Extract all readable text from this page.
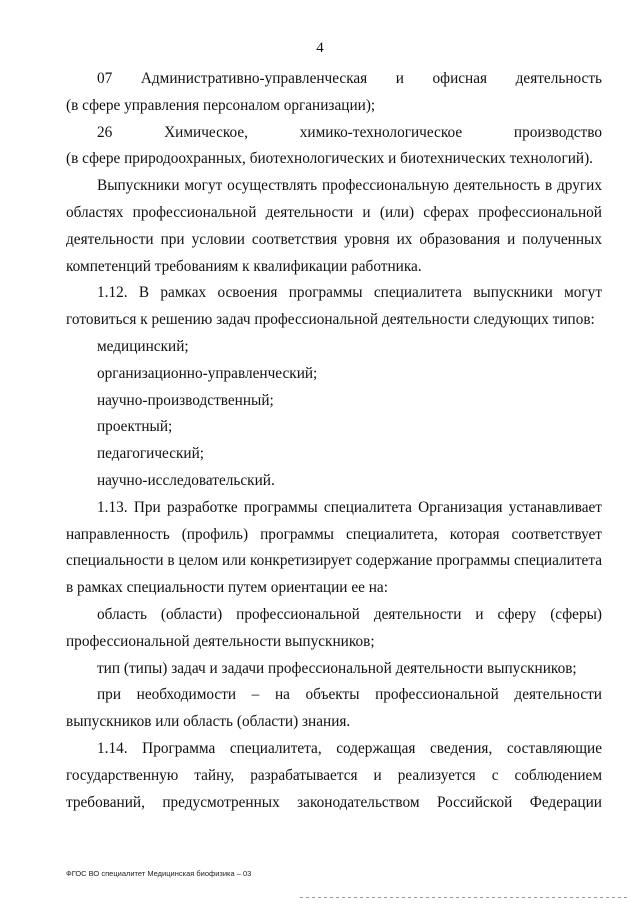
4
07 Административно-управленческая и офисная деятельность

(в сфере управления персоналом организации);

26	Химическое,	химико-технологическое	производство

(в сфере природоохранных, биотехнологических и биотехнических технологий).

Выпускники могут осуществлять профессиональную деятельность в других областях профессиональной деятельности и (или) сферах профессиональной деятельности при условии соответствия уровня их образования и полученных компетенций требованиям к квалификации работника.

1.12. В рамках освоения программы специалитета выпускники могут готовиться к решению задач профессиональной деятельности следующих типов:

медицинский;

организационно-управленческий;

научно-производственный;

проектный;

педагогический;

научно-исследовательский.

1.13. При разработке программы специалитета Организация устанавливает направленность (профиль) программы специалитета, которая соответствует специальности в целом или конкретизирует содержание программы специалитета в рамках специальности путем ориентации ее на:

область (области) профессиональной деятельности и сферу (сферы) профессиональной деятельности выпускников;

тип (типы) задач и задачи профессиональной деятельности выпускников;

при необходимости – на объекты профессиональной деятельности выпускников или область (области) знания.

1.14. Программа специалитета, содержащая сведения, составляющие государственную тайну, разрабатывается и реализуется с соблюдением требований, предусмотренных законодательством Российской Федерации

ФГОС ВО специалитет Медицинская биофизика – 03
